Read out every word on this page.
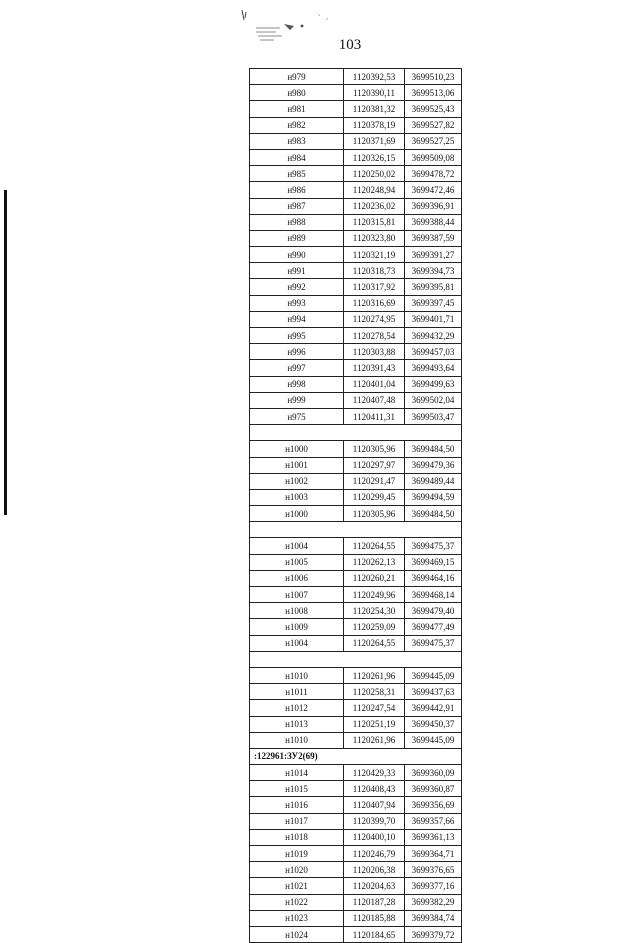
103
н979	1120392,53	3699510,23
н980	1120390,11	3699513,06
н981	1120381,32	3699525,43
н982	1120378,19	3699527,82
н983	1120371,69	3699527,25
н984	1120326,15	3699509,08
н985	1120250,02	3699478,72
н986	1120248,94	3699472,46
н987	1120236,02	3699396,91
н988	1120315,81	3699388,44
н989	1120323,80	3699387,59
н990	1120321,19	3699391,27
н991	1120318,73	3699394,73
н992	1120317,92	3699395,81
н993	1120316,69	3699397,45
н994	1120274,95	3699401,71
н995	1120278,54	3699432,29
н996	1120303,88	3699457,03
н997	1120391,43	3699493,64
н998	1120401,04	3699499,63
н999	1120407,48	3699502,04
н975	1120411,31	3699503,47

н1000	1120305,96	3699484,50
н1001	1120297,97	3699479,36
н1002	1120291,47	3699489,44
н1003	1120299,45	3699494,59
н1000	1120305,96	3699484,50

н1004	1120264,55	3699475,37
н1005	1120262,13	3699469,15
н1006	1120260,21	3699464,16
н1007	1120249,96	3699468,14
н1008	1120254,30	3699479,40
н1009	1120259,09	3699477,49
н1004	1120264,55	3699475,37

н1010	1120261,96	3699445,09
н1011	1120258,31	3699437,63
н1012	1120247,54	3699442,91
н1013	1120251,19	3699450,37
н1010	1120261,96	3699445,09
:122961:ЗУ2(69)		
н1014	1120429,33	3699360,09
н1015	1120408,43	3699360,87
н1016	1120407,94	3699356,69
н1017	1120399,70	3699357,66
н1018	1120400,10	3699361,13
н1019	1120246,79	3699364,71
н1020	1120206,38	3699376,65
н1021	1120204,63	3699377,16
н1022	1120187,28	3699382,29
н1023	1120185,88	3699384,74
н1024	1120184,65	3699379,72
